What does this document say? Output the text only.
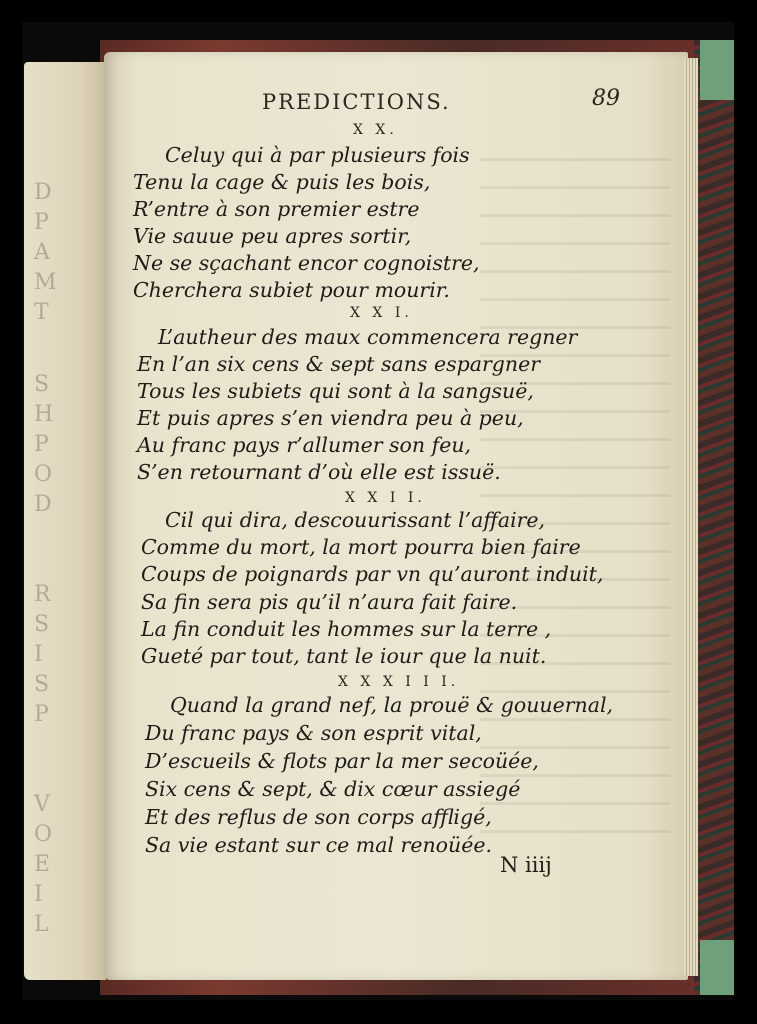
D
P
A
M
T
S
H
P
O
D
R
S
I
S
P
V
O
E
I
L
PREDICTIONS.	89
X X.
Celuy qui à par plusieurs fois
Tenu la cage & puis les bois,
R’entre à son premier estre
Vie sauue peu apres sortir,
Ne se sçachant encor cognoistre,
Cherchera subiet pour mourir.
X X I.
L’autheur des maux commencera regner
En l’an six cens & sept sans espargner
Tous les subiets qui sont à la sangsuë,
Et puis apres s’en viendra peu à peu,
Au franc pays r’allumer son feu,
S’en retournant d’où elle est issuë.
X X I I.
Cil qui dira, descouurissant l’affaire,
Comme du mort, la mort pourra bien faire
Coups de poignards par vn qu’auront induit,
Sa fin sera pis qu’il n’aura fait faire.
La fin conduit les hommes sur la terre ,
Gueté par tout, tant le iour que la nuit.
X X X I I I.
Quand la grand nef, la prouë & gouuernal,
Du franc pays & son esprit vital,
D’escueils & flots par la mer secoüée,
Six cens & sept, & dix cœur assiegé
Et des reflus de son corps affligé,
Sa vie estant sur ce mal renoüée.
N iiij
